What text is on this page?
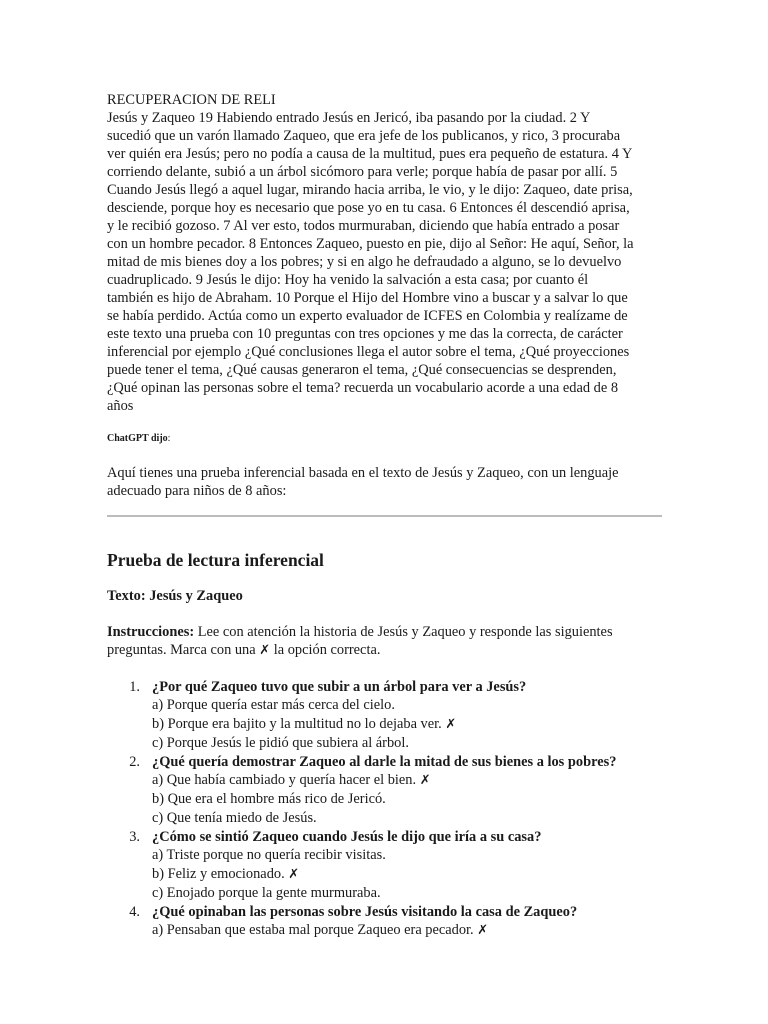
RECUPERACION DE RELI
Jesús y Zaqueo 19 Habiendo entrado Jesús en Jericó, iba pasando por la ciudad. 2 Y
sucedió que un varón llamado Zaqueo, que era jefe de los publicanos, y rico, 3 procuraba
ver quién era Jesús; pero no podía a causa de la multitud, pues era pequeño de estatura. 4 Y
corriendo delante, subió a un árbol sicómoro para verle; porque había de pasar por allí. 5
Cuando Jesús llegó a aquel lugar, mirando hacia arriba, le vio, y le dijo: Zaqueo, date prisa,
desciende, porque hoy es necesario que pose yo en tu casa. 6 Entonces él descendió aprisa,
y le recibió gozoso. 7 Al ver esto, todos murmuraban, diciendo que había entrado a posar
con un hombre pecador. 8 Entonces Zaqueo, puesto en pie, dijo al Señor: He aquí, Señor, la
mitad de mis bienes doy a los pobres; y si en algo he defraudado a alguno, se lo devuelvo
cuadruplicado. 9 Jesús le dijo: Hoy ha venido la salvación a esta casa; por cuanto él
también es hijo de Abraham. 10 Porque el Hijo del Hombre vino a buscar y a salvar lo que
se había perdido. Actúa como un experto evaluador de ICFES en Colombia y realízame de
este texto una prueba con 10 preguntas con tres opciones y me das la correcta, de carácter
inferencial por ejemplo ¿Qué conclusiones llega el autor sobre el tema, ¿Qué proyecciones
puede tener el tema, ¿Qué causas generaron el tema, ¿Qué consecuencias se desprenden,
¿Qué opinan las personas sobre el tema? recuerda un vocabulario acorde a una edad de 8
años

ChatGPT dijo:

Aquí tienes una prueba inferencial basada en el texto de Jesús y Zaqueo, con un lenguaje
adecuado para niños de 8 años:

Prueba de lectura inferencial
Texto: Jesús y Zaqueo

Instrucciones: Lee con atención la historia de Jesús y Zaqueo y responde las siguientes
preguntas. Marca con una ✗ la opción correcta.

1. ¿Por qué Zaqueo tuvo que subir a un árbol para ver a Jesús?
a) Porque quería estar más cerca del cielo.
b) Porque era bajito y la multitud no lo dejaba ver. ✗
c) Porque Jesús le pidió que subiera al árbol.
2. ¿Qué quería demostrar Zaqueo al darle la mitad de sus bienes a los pobres?
a) Que había cambiado y quería hacer el bien. ✗
b) Que era el hombre más rico de Jericó.
c) Que tenía miedo de Jesús.
3. ¿Cómo se sintió Zaqueo cuando Jesús le dijo que iría a su casa?
a) Triste porque no quería recibir visitas.
b) Feliz y emocionado. ✗
c) Enojado porque la gente murmuraba.
4. ¿Qué opinaban las personas sobre Jesús visitando la casa de Zaqueo?
a) Pensaban que estaba mal porque Zaqueo era pecador. ✗
